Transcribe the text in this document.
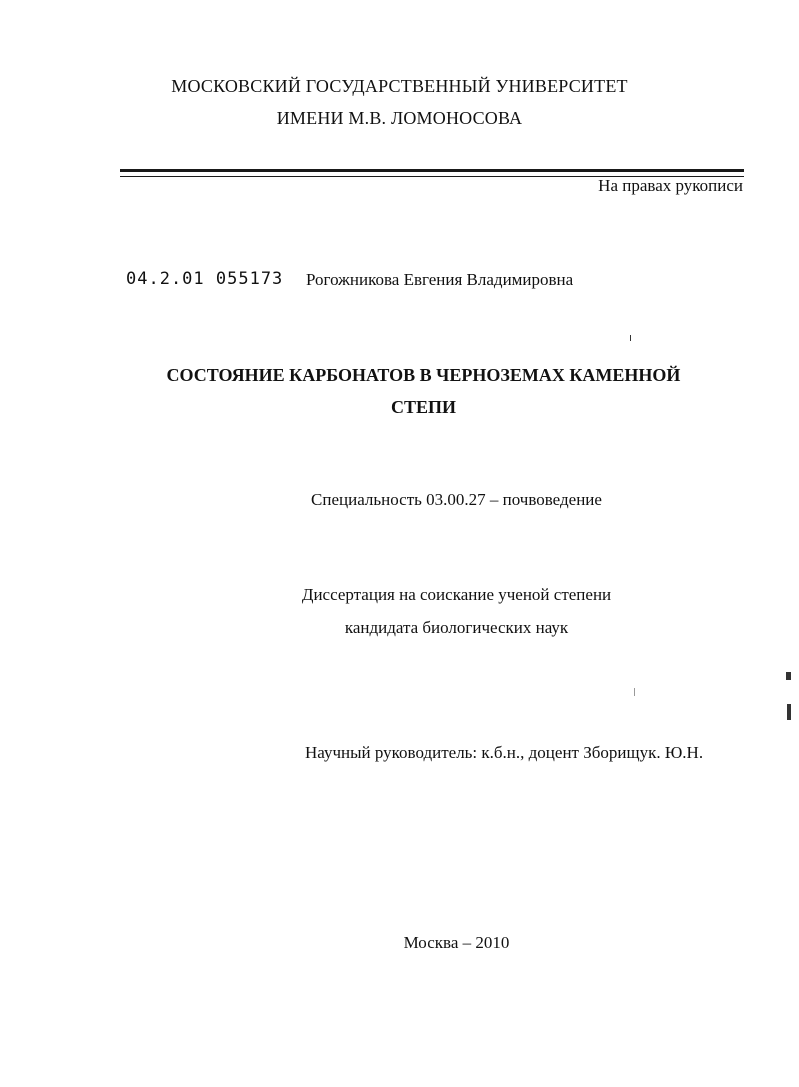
МОСКОВСКИЙ ГОСУДАРСТВЕННЫЙ УНИВЕРСИТЕТ
ИМЕНИ М.В. ЛОМОНОСОВА
На правах рукописи
04.2.01 055173 Рогожникова Евгения Владимировна
СОСТОЯНИЕ КАРБОНАТОВ В ЧЕРНОЗЕМАХ КАМЕННОЙ
СТЕПИ
Специальность 03.00.27 – почвоведение
Диссертация на соискание ученой степени
кандидата биологических наук
Научный руководитель: к.б.н., доцент Зборищук. Ю.Н.
Москва – 2010
